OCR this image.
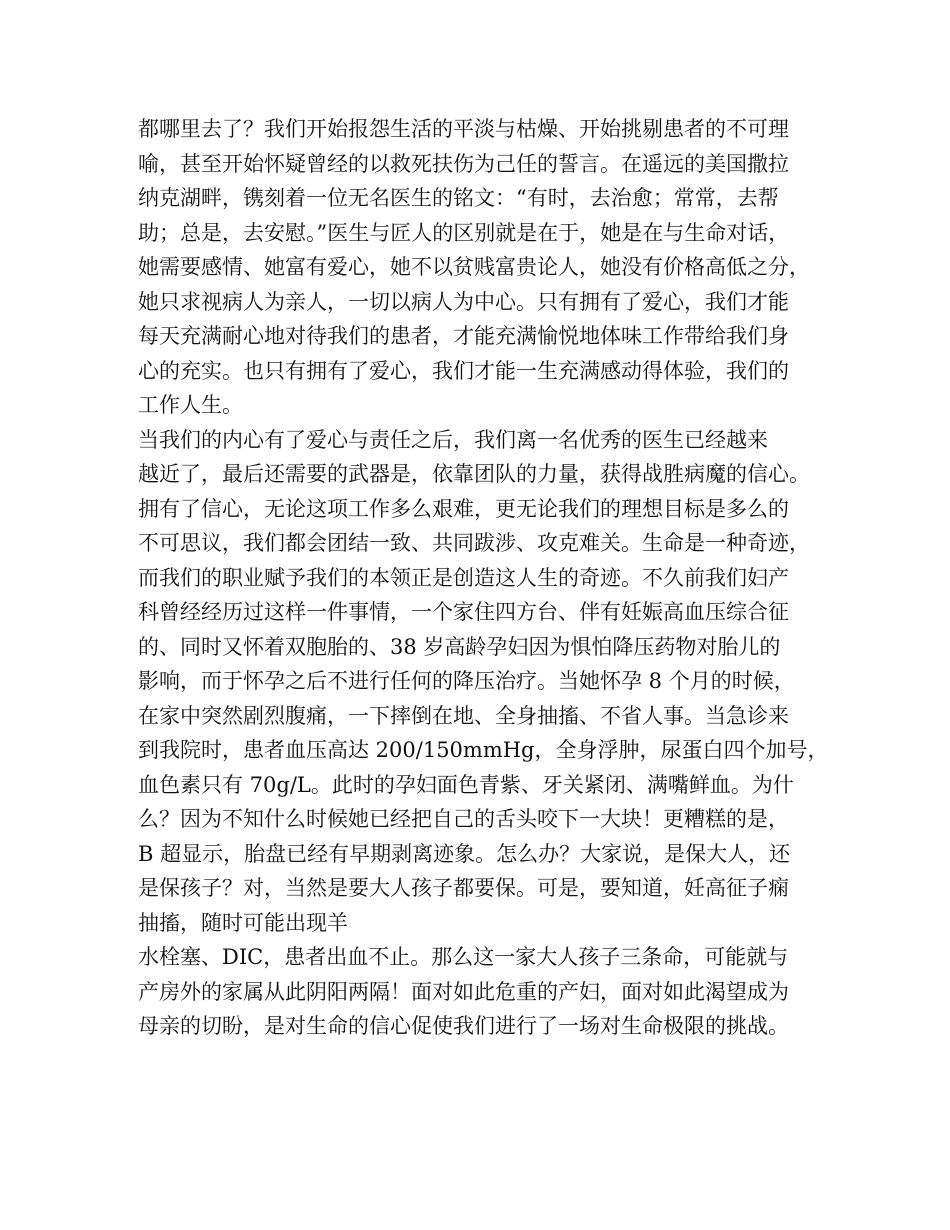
都哪里去了？我们开始报怨生活的平淡与枯燥、开始挑剔患者的不可理
喻，甚至开始怀疑曾经的以救死扶伤为己任的誓言。在遥远的美国撒拉
纳克湖畔，镌刻着一位无名医生的铭文：“有时，去治愈；常常，去帮
助；总是，去安慰。”医生与匠人的区别就是在于，她是在与生命对话，
她需要感情、她富有爱心，她不以贫贱富贵论人，她没有价格高低之分，
她只求视病人为亲人，一切以病人为中心。只有拥有了爱心，我们才能
每天充满耐心地对待我们的患者，才能充满愉悦地体味工作带给我们身
心的充实。也只有拥有了爱心，我们才能一生充满感动得体验，我们的
工作人生。
当我们的内心有了爱心与责任之后，我们离一名优秀的医生已经越来
越近了，最后还需要的武器是，依靠团队的力量，获得战胜病魔的信心。
拥有了信心，无论这项工作多么艰难，更无论我们的理想目标是多么的
不可思议，我们都会团结一致、共同跋涉、攻克难关。生命是一种奇迹，
而我们的职业赋予我们的本领正是创造这人生的奇迹。不久前我们妇产
科曾经经历过这样一件事情，一个家住四方台、伴有妊娠高血压综合征
的、同时又怀着双胞胎的、38 岁高龄孕妇因为惧怕降压药物对胎儿的
影响，而于怀孕之后不进行任何的降压治疗。当她怀孕 8 个月的时候，
在家中突然剧烈腹痛，一下摔倒在地、全身抽搐、不省人事。当急诊来
到我院时，患者血压高达 200/150mmHg，全身浮肿，尿蛋白四个加号，
血色素只有 70g/L。此时的孕妇面色青紫、牙关紧闭、满嘴鲜血。为什
么？因为不知什么时候她已经把自己的舌头咬下一大块！更糟糕的是，
B 超显示，胎盘已经有早期剥离迹象。怎么办？大家说，是保大人，还
是保孩子？对，当然是要大人孩子都要保。可是，要知道，妊高征子痫
抽搐，随时可能出现羊
水栓塞、DIC，患者出血不止。那么这一家大人孩子三条命，可能就与
产房外的家属从此阴阳两隔！面对如此危重的产妇，面对如此渴望成为
母亲的切盼，是对生命的信心促使我们进行了一场对生命极限的挑战。
